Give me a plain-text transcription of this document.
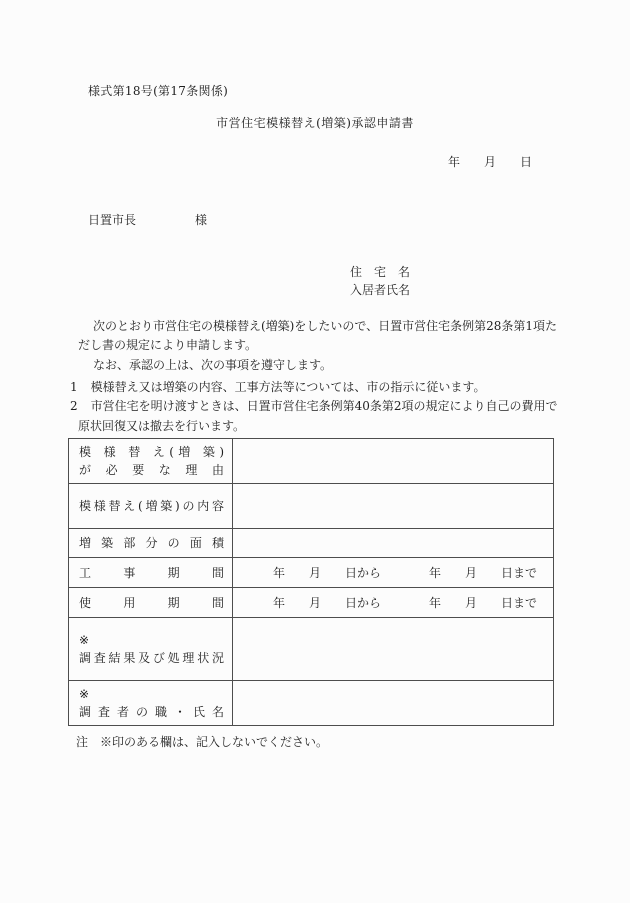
様式第18号(第17条関係)
市営住宅模様替え(増築)承認申請書
年　　月　　日
日置市長	様
住　宅　名
入居者氏名

次のとおり市営住宅の模様替え(増築)をしたいので、日置市営住宅条例第28条第1項ただし書の規定により申請します。

なお、承認の上は、次の事項を遵守します。

1 模様替え又は増築の内容、工事方法等については、市の指示に従います。
2 市営住宅を明け渡すときは、日置市営住宅条例第40条第2項の規定により自己の費用で原状回復又は撤去を行います。
模 様 替 え(増 築)
が 必 要 な 理 由	

模様替え(増築)の内容	

増 築 部 分 の 面 積	

工 事 期 間	年　　月　　日から　　　　年　　月　　日まで

使 用 期 間	年　　月　　日から　　　　年　　月　　日まで

※
調査結果及び処理状況	

※
調 査 者 の 職 ・ 氏 名	

注　※印のある欄は、記入しないでください。
